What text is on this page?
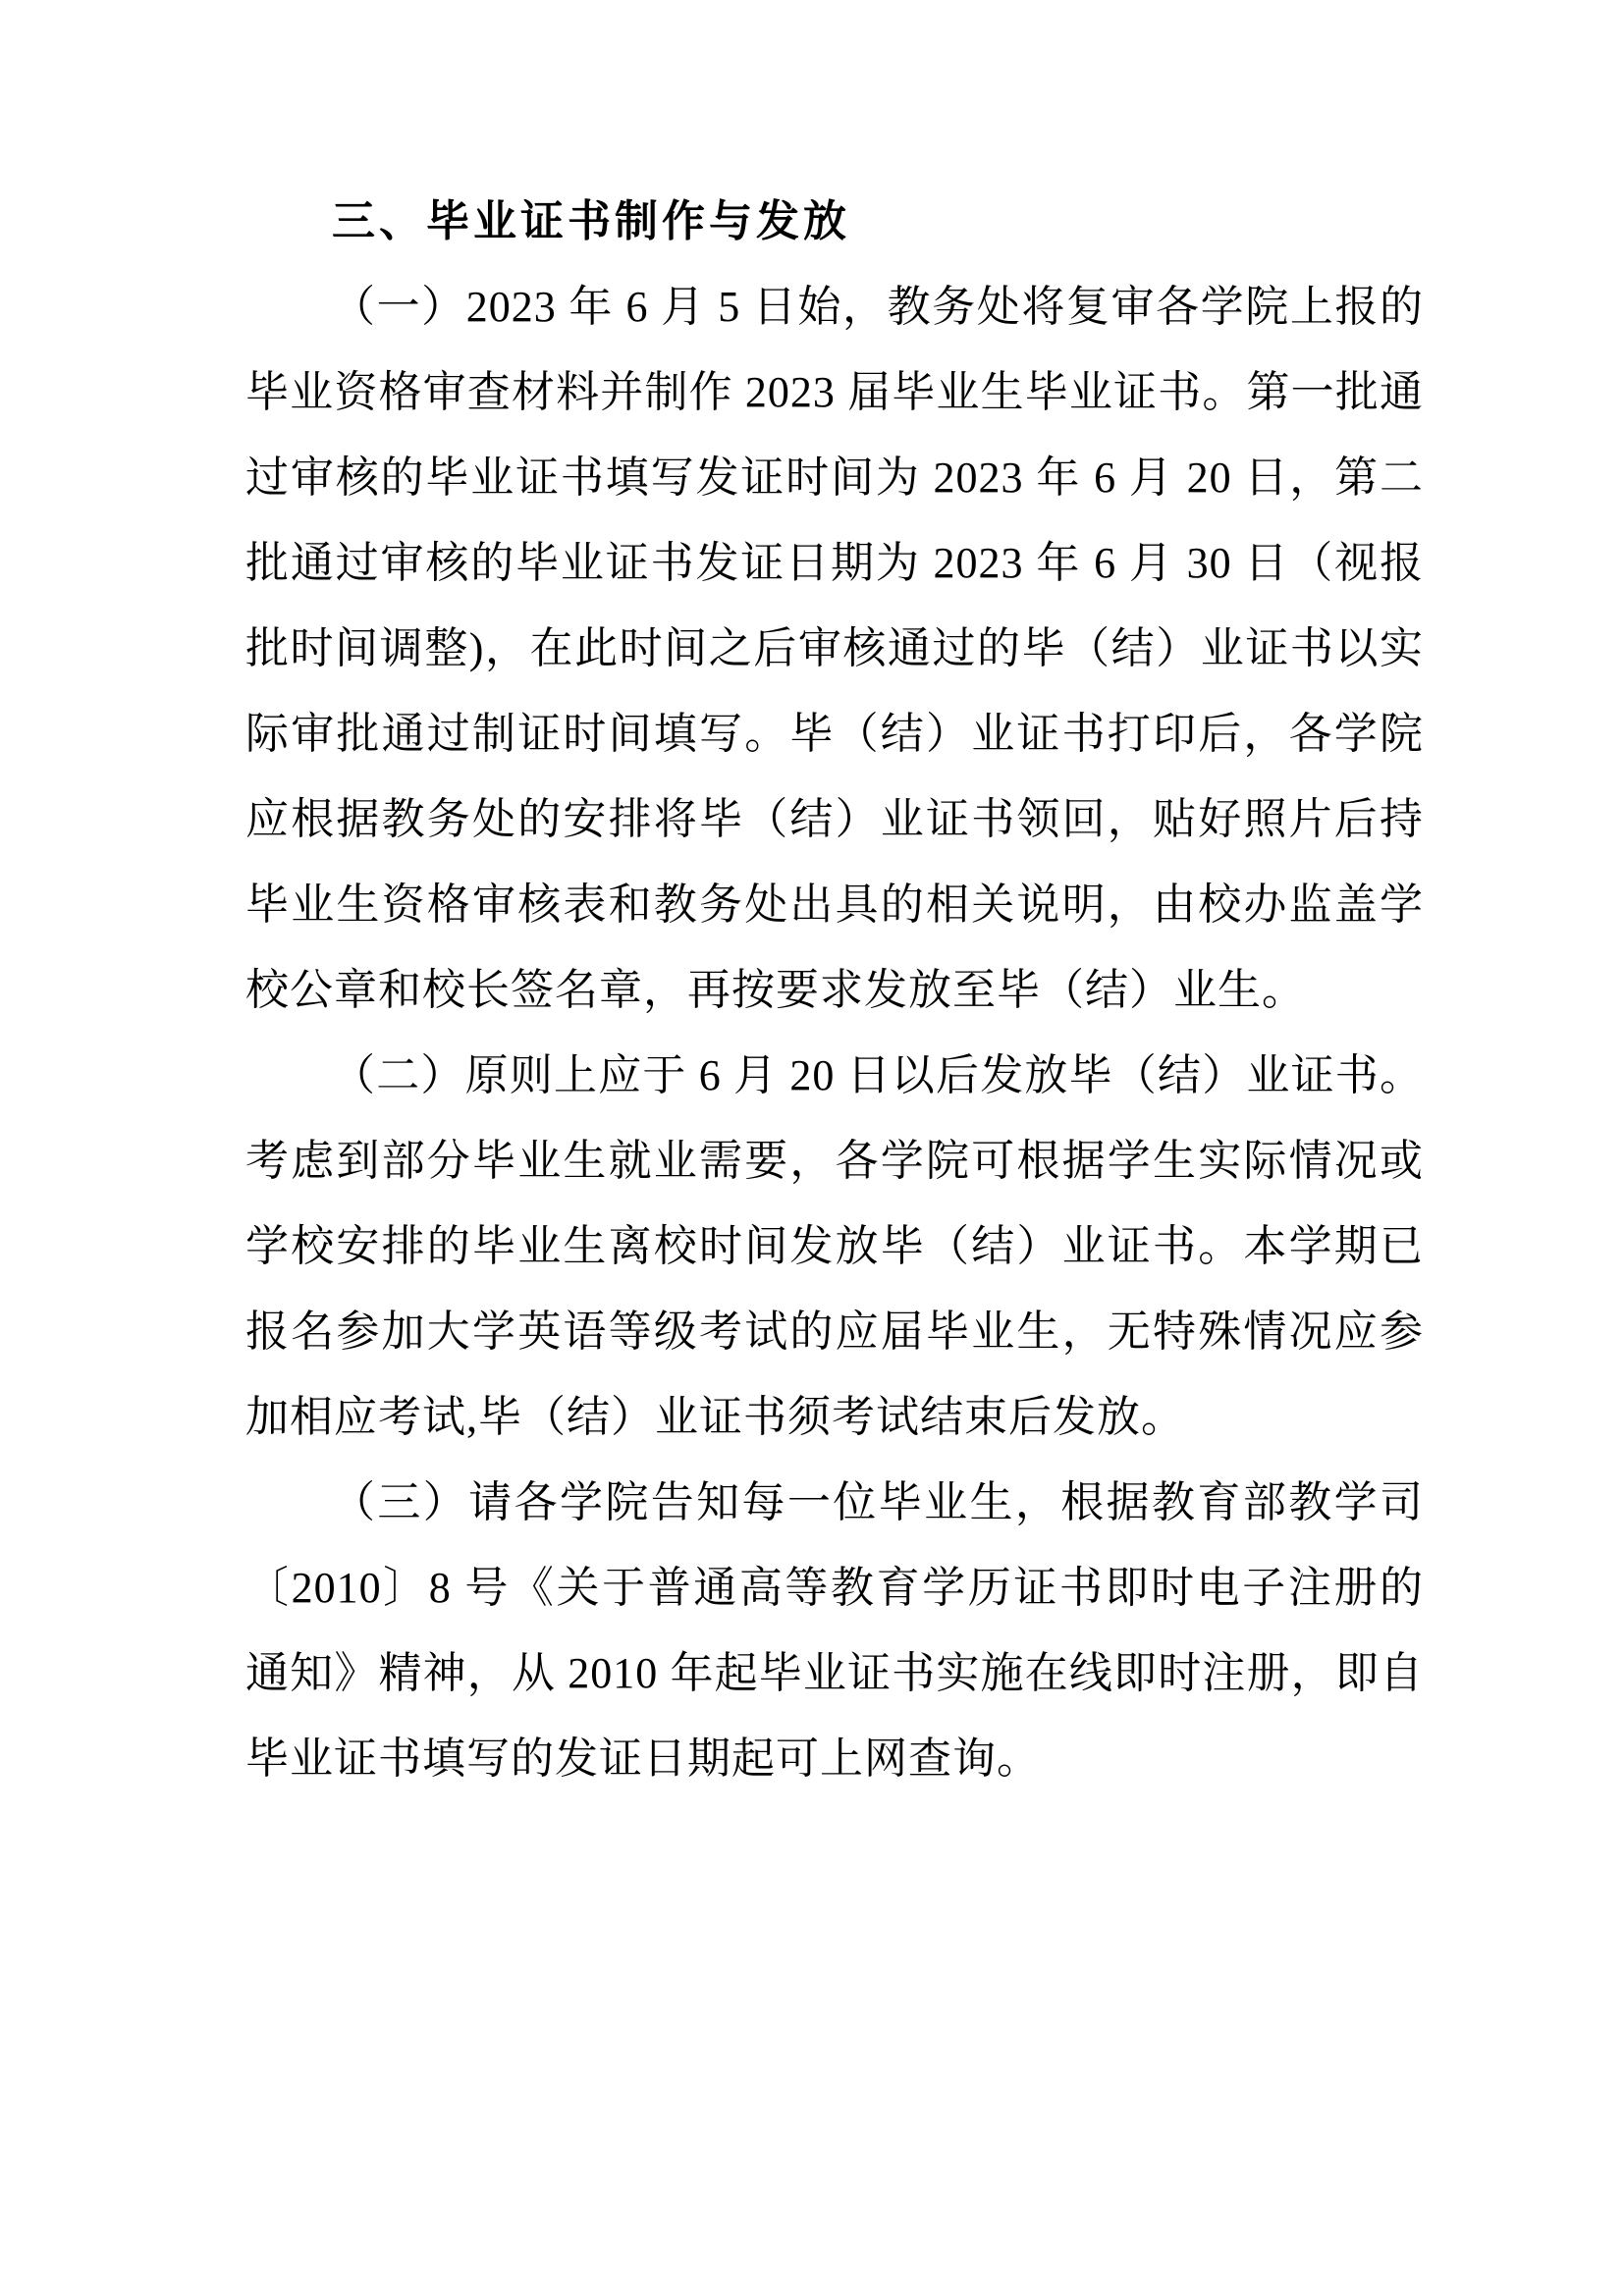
三、毕业证书制作与发放

（一）2023 年 6 月 5 日始，教务处将复审各学院上报的毕业资格审查材料并制作 2023 届毕业生毕业证书。第一批通过审核的毕业证书填写发证时间为 2023 年 6 月 20 日，第二批通过审核的毕业证书发证日期为 2023 年 6 月 30 日（视报批时间调整)，在此时间之后审核通过的毕（结）业证书以实际审批通过制证时间填写。毕（结）业证书打印后，各学院应根据教务处的安排将毕（结）业证书领回，贴好照片后持毕业生资格审核表和教务处出具的相关说明，由校办监盖学校公章和校长签名章，再按要求发放至毕（结）业生。

（二）原则上应于 6 月 20 日以后发放毕（结）业证书。考虑到部分毕业生就业需要，各学院可根据学生实际情况或学校安排的毕业生离校时间发放毕（结）业证书。本学期已报名参加大学英语等级考试的应届毕业生，无特殊情况应参加相应考试,毕（结）业证书须考试结束后发放。

（三）请各学院告知每一位毕业生，根据教育部教学司〔2010〕8 号《关于普通高等教育学历证书即时电子注册的通知》精神，从 2010 年起毕业证书实施在线即时注册，即自毕业证书填写的发证日期起可上网查询。
